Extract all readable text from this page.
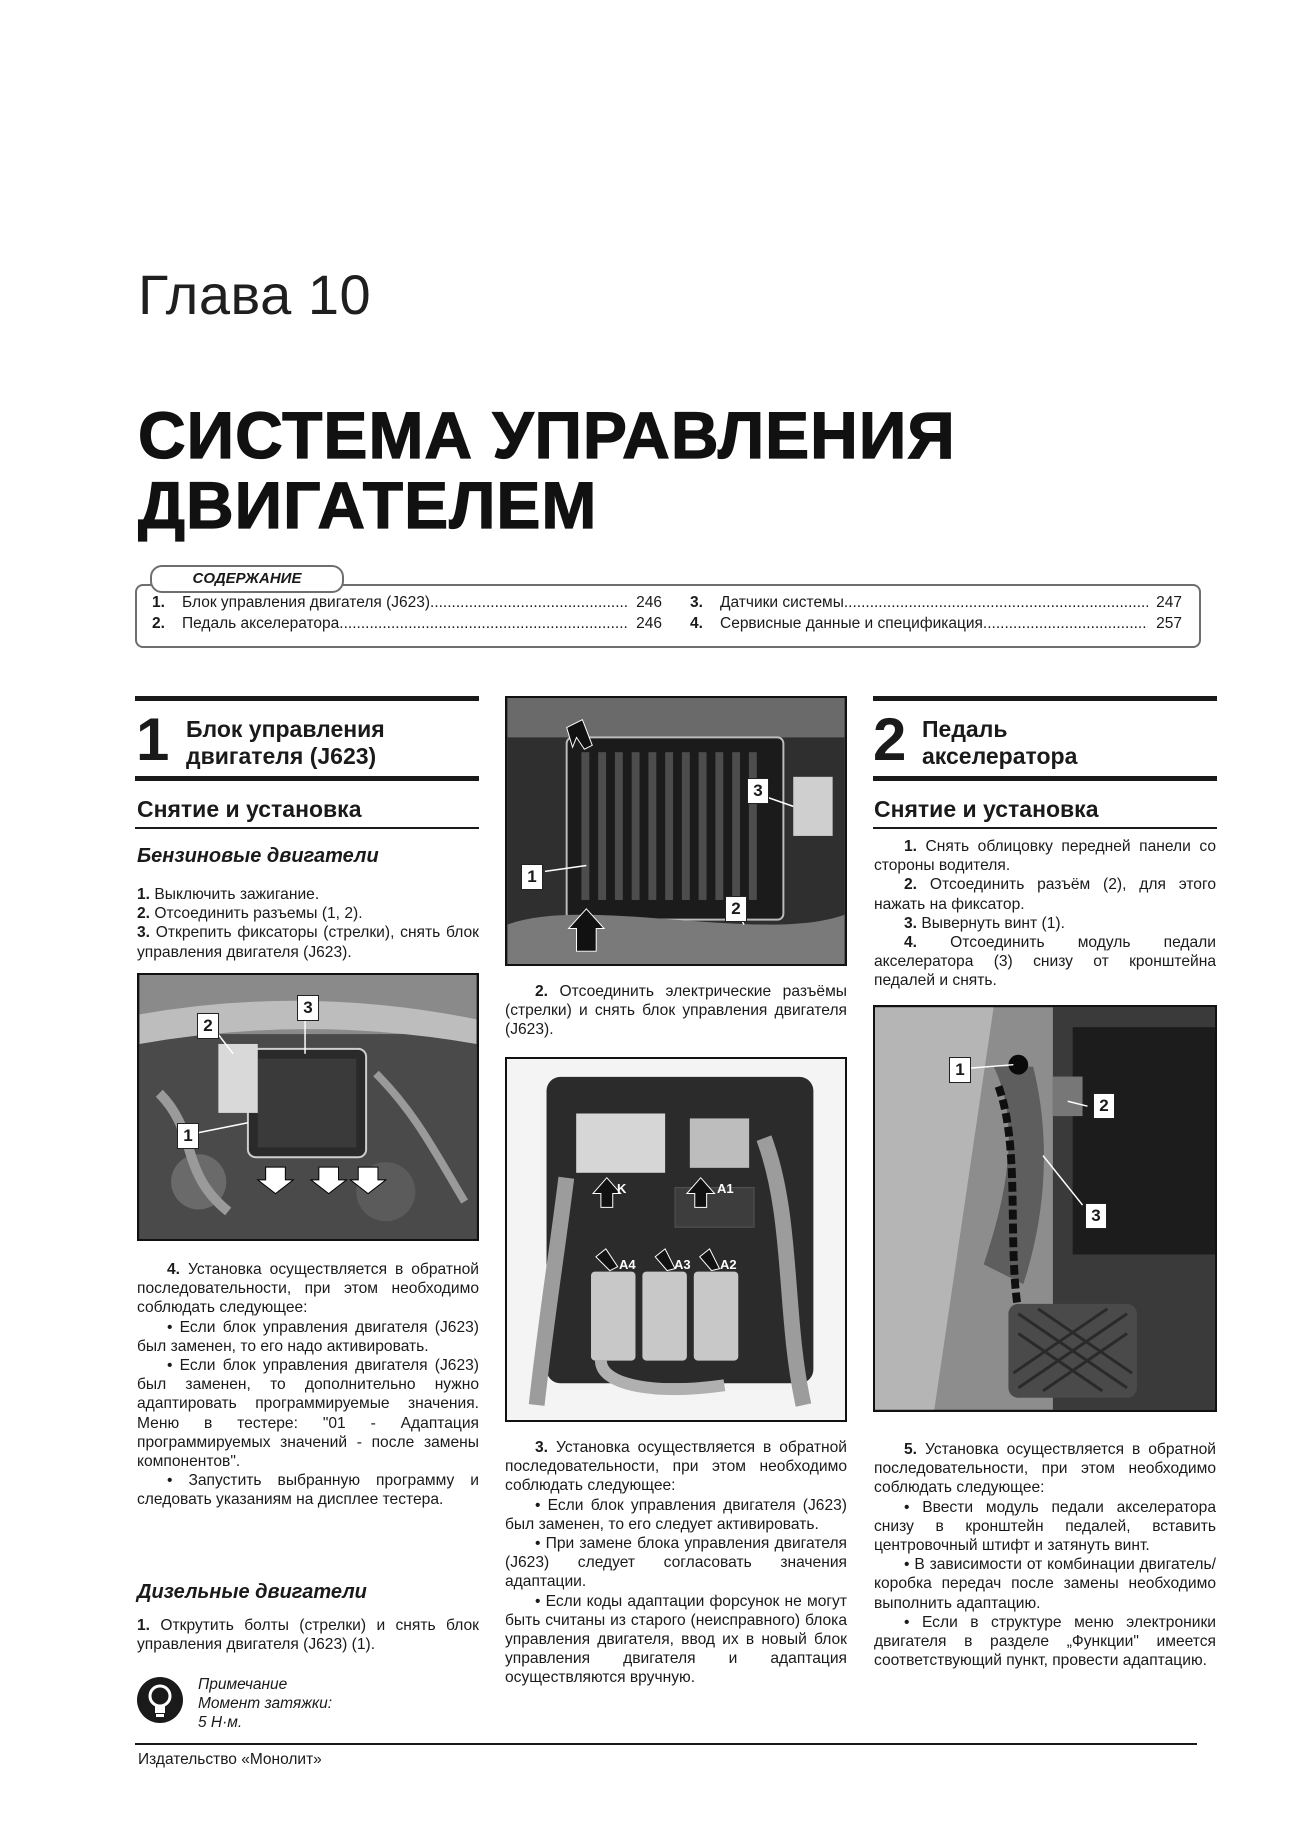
Глава 10
СИСТЕМА УПРАВЛЕНИЯ
ДВИГАТЕЛЕМ
СОДЕРЖАНИЕ
1.	Блок управления двигателя (J623) .....	246
2.	Педаль акселератора .....	246
3.	Датчики системы .....	247
4.	Сервисные данные и спецификация .....	257
1 Блок управления
двигателя (J623)
Снятие и установка
Бензиновые двигатели

1. Выключить зажигание.

2. Отсоединить разъемы (1, 2).

3. Открепить фиксаторы (стрелки), снять блок управления двигателя (J623).

1
2
3

4. Установка осуществляется в обратной последовательности, при этом необходимо соблюдать следующее:

• Если блок управления двигателя (J623) был заменен, то его надо активировать.

• Если блок управления двигателя (J623) был заменен, то дополнительно нужно адаптировать программируемые значения. Меню в тестере: "01 - Адаптация программируемых значений - после замены компонентов".

• Запустить выбранную программу и следовать указаниям на дисплее тестера.

Дизельные двигатели

1. Открутить болты (стрелки) и снять блок управления двигателя (J623) (1).

Примечание
Момент затяжки:
5 Н·м.
1
2
3

2. Отсоединить электрические разъёмы (стрелки) и снять блок управления двигателя (J623).

K	A1
A4	A3 A2

3. Установка осуществляется в обратной последовательности, при этом необходимо соблюдать следующее:

• Если блок управления двигателя (J623) был заменен, то его следует активировать.

• При замене блока управления двигателя (J623) следует согласовать значения адаптации.

• Если коды адаптации форсунок не могут быть считаны из старого (неисправного) блока управления двигателя, ввод их в новый блок управления двигателя и адаптация осуществляются вручную.

2 Педаль
акселератора
Снятие и установка

1. Снять облицовку передней панели со стороны водителя.

2. Отсоединить разъём (2), для этого нажать на фиксатор.

3. Вывернуть винт (1).

4. Отсоединить модуль педали акселератора (3) снизу от кронштейна педалей и снять.

1
2
3

5. Установка осуществляется в обратной последовательности, при этом необходимо соблюдать следующее:

• Ввести модуль педали акселератора снизу в кронштейн педалей, вставить центровочный штифт и затянуть винт.

• В зависимости от комбинации двигатель/коробка передач после замены необходимо выполнить адаптацию.

• Если в структуре меню электроники двигателя в разделе „Функции" имеется соответствующий пункт, провести адаптацию.

Издательство «Монолит»
